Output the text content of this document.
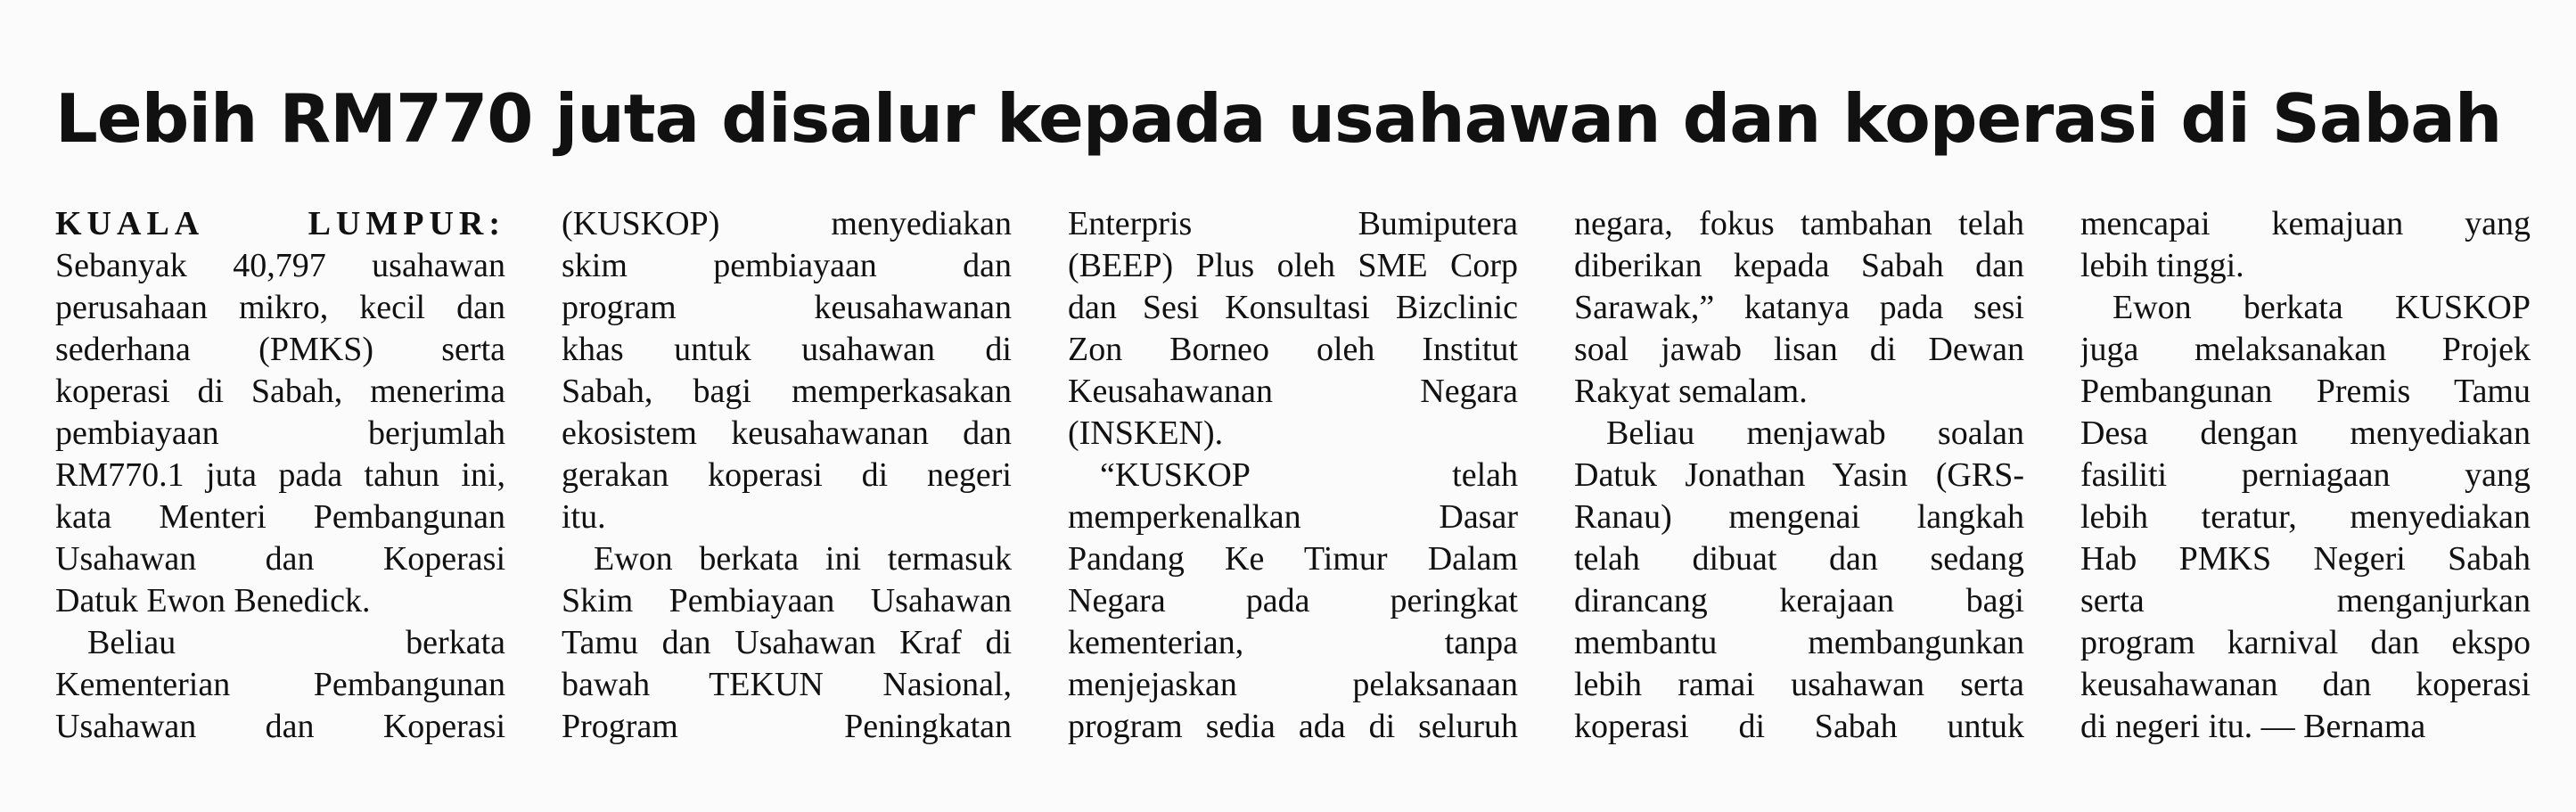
Lebih RM770 juta disalur kepada usahawan dan koperasi di Sabah
KUALA LUMPUR:
Sebanyak 40,797 usahawan
perusahaan mikro, kecil dan
sederhana (PMKS) serta
koperasi di Sabah, menerima
pembiayaan berjumlah
RM770.1 juta pada tahun ini,
kata Menteri Pembangunan
Usahawan dan Koperasi
Datuk Ewon Benedick.
Beliau berkata
Kementerian Pembangunan
Usahawan dan Koperasi
(KUSKOP) menyediakan
skim pembiayaan dan
program keusahawanan
khas untuk usahawan di
Sabah, bagi memperkasakan
ekosistem keusahawanan dan
gerakan koperasi di negeri
itu.
Ewon berkata ini termasuk
Skim Pembiayaan Usahawan
Tamu dan Usahawan Kraf di
bawah TEKUN Nasional,
Program Peningkatan
Enterpris Bumiputera
(BEEP) Plus oleh SME Corp
dan Sesi Konsultasi Bizclinic
Zon Borneo oleh Institut
Keusahawanan Negara
(INSKEN).
“KUSKOP telah
memperkenalkan Dasar
Pandang Ke Timur Dalam
Negara pada peringkat
kementerian, tanpa
menjejaskan pelaksanaan
program sedia ada di seluruh
negara, fokus tambahan telah
diberikan kepada Sabah dan
Sarawak,” katanya pada sesi
soal jawab lisan di Dewan
Rakyat semalam.
Beliau menjawab soalan
Datuk Jonathan Yasin (GRS-
Ranau) mengenai langkah
telah dibuat dan sedang
dirancang kerajaan bagi
membantu membangunkan
lebih ramai usahawan serta
koperasi di Sabah untuk
mencapai kemajuan yang
lebih tinggi.
Ewon berkata KUSKOP
juga melaksanakan Projek
Pembangunan Premis Tamu
Desa dengan menyediakan
fasiliti perniagaan yang
lebih teratur, menyediakan
Hab PMKS Negeri Sabah
serta menganjurkan
program karnival dan ekspo
keusahawanan dan koperasi
di negeri itu. — Bernama
